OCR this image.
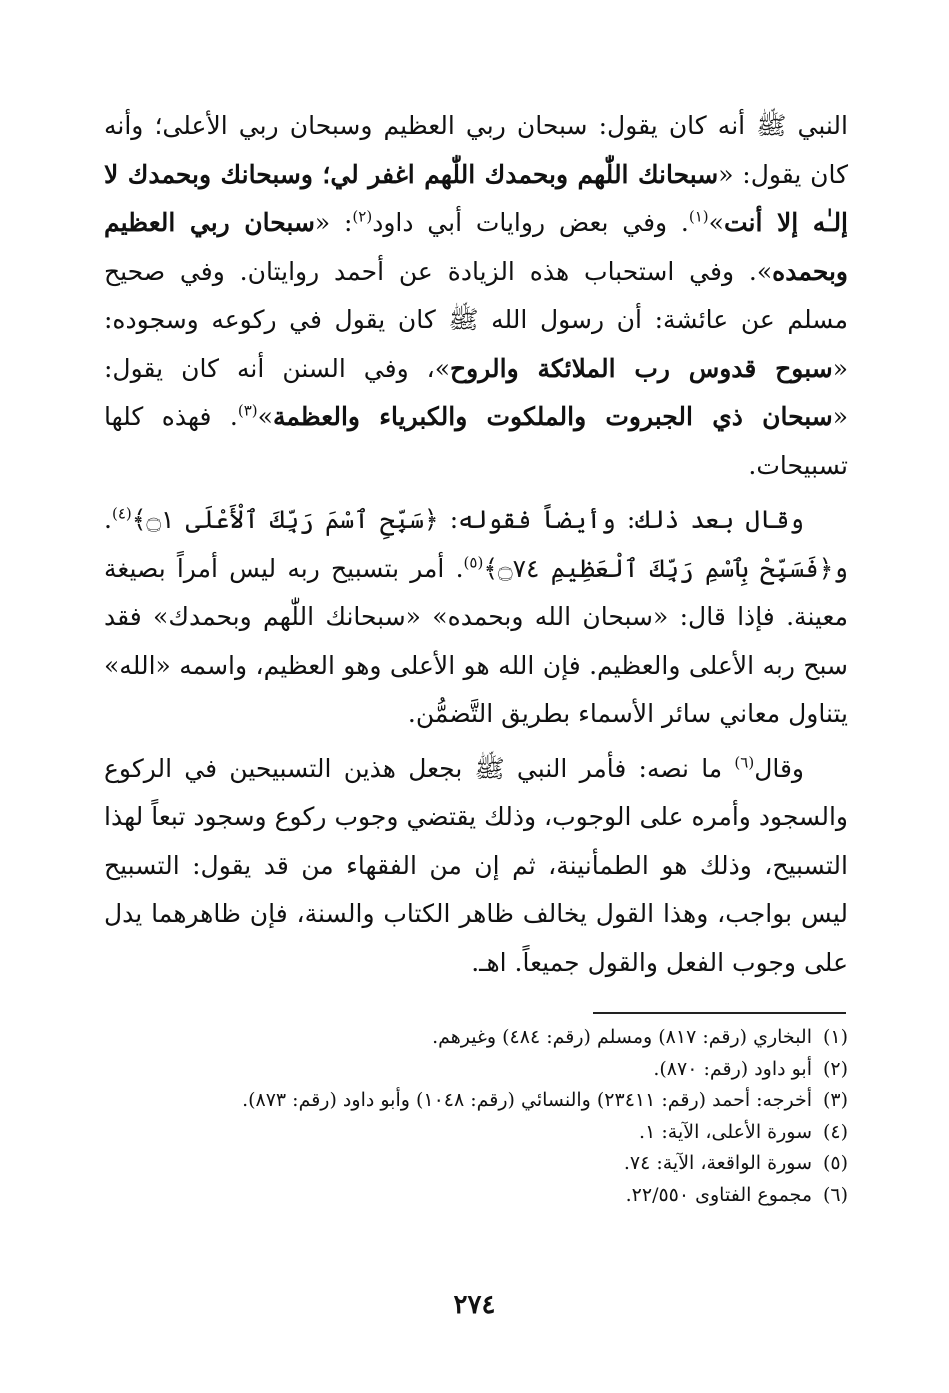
النبي ﷺ أنه كان يقول: سبحان ربي العظيم وسبحان ربي الأعلى؛ وأنه كان يقول: «سبحانك اللّٰهم وبحمدك اللّٰهم اغفر لي؛ وسبحانك وبحمدك لا إلـٰه إلا أنت»$^{(١)}$. وفي بعض روايات أبي داود$^{(٢)}$: «سبحان ربي العظيم وبحمده». وفي استحباب هذه الزيادة عن أحمد روايتان. وفي صحيح مسلم عن عائشة: أن رسول الله ﷺ كان يقول في ركوعه وسجوده: «سبوح قدوس رب الملائكة والروح»، وفي السنن أنه كان يقول: «سبحان ذي الجبروت والملكوت والكبرياء والعظمة»$^{(٣)}$. فهذه كلها تسبيحات.

وقال بعد ذلك: وأيضاً فقوله: ﴿سَبِّحِ ٱسْمَ رَبِّكَ ٱلْأَعْلَى ۝١﴾$^{(٤)}$. و﴿فَسَبِّحْ بِٱسْمِ رَبِّكَ ٱلْعَظِيمِ ۝٧٤﴾$^{(٥)}$. أمر بتسبيح ربه ليس أمراً بصيغة معينة. فإذا قال: «سبحان الله وبحمده» «سبحانك اللّٰهم وبحمدك» فقد سبح ربه الأعلى والعظيم. فإن الله هو الأعلى وهو العظيم، واسمه «الله» يتناول معاني سائر الأسماء بطريق التَّضمُّن.

وقال$^{(٦)}$ ما نصه: فأمر النبي ﷺ بجعل هذين التسبيحين في الركوع والسجود وأمره على الوجوب، وذلك يقتضي وجوب ركوع وسجود تبعاً لهذا التسبيح، وذلك هو الطمأنينة، ثم إن من الفقهاء من قد يقول: التسبيح ليس بواجب، وهذا القول يخالف ظاهر الكتاب والسنة، فإن ظاهرهما يدل على وجوب الفعل والقول جميعاً. اهـ.

(١)
البخاري (رقم: ٨١٧) ومسلم (رقم: ٤٨٤) وغيرهم.
(٢)
أبو داود (رقم: ٨٧٠).
(٣)
أخرجه: أحمد (رقم: ٢٣٤١١) والنسائي (رقم: ١٠٤٨) وأبو داود (رقم: ٨٧٣).
(٤)
سورة الأعلى، الآية: ١.
(٥)
سورة الواقعة، الآية: ٧٤.
(٦)
مجموع الفتاوى ٢٢/٥٥٠.
٢٧٤
